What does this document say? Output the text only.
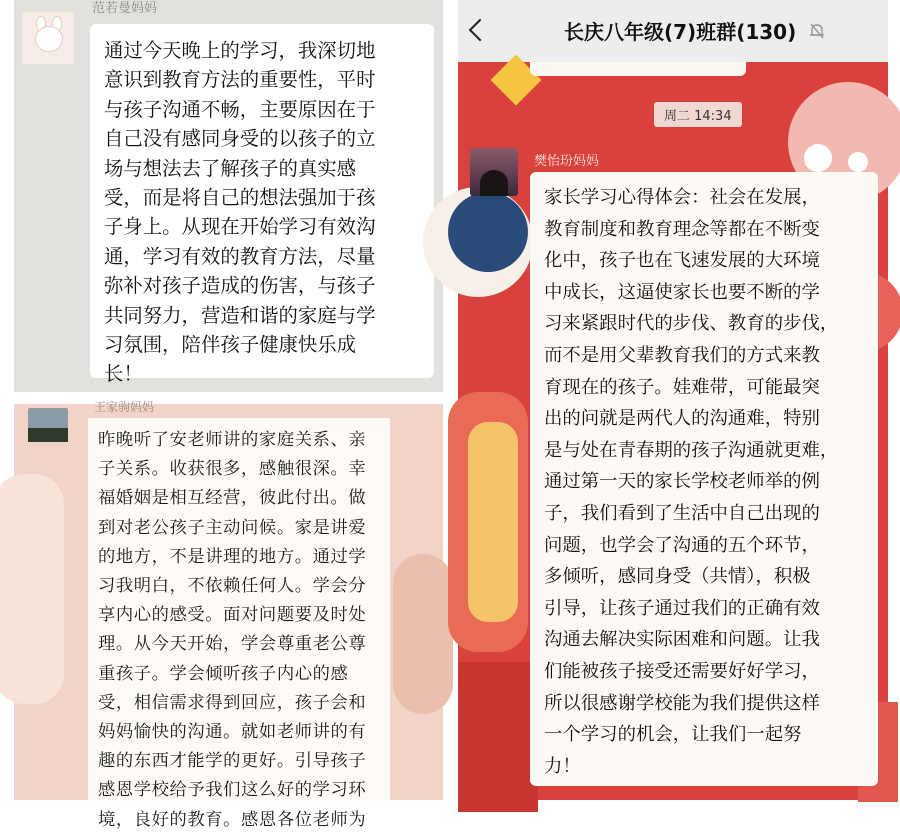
范若曼妈妈
通过今天晚上的学习，我深切地
意识到教育方法的重要性，平时
与孩子沟通不畅，主要原因在于
自己没有感同身受的以孩子的立
场与想法去了解孩子的真实感
受，而是将自己的想法强加于孩
子身上。从现在开始学习有效沟
通，学习有效的教育方法，尽量
弥补对孩子造成的伤害，与孩子
共同努力，营造和谐的家庭与学
习氛围，陪伴孩子健康快乐成
长！
王家驹妈妈
昨晚听了安老师讲的家庭关系、亲
子关系。收获很多，感触很深。幸
福婚姻是相互经营，彼此付出。做
到对老公孩子主动问候。家是讲爱
的地方，不是讲理的地方。通过学
习我明白，不依赖任何人。学会分
享内心的感受。面对问题要及时处
理。从今天开始，学会尊重老公尊
重孩子。学会倾听孩子内心的感
受，相信需求得到回应，孩子会和
妈妈愉快的沟通。就如老师讲的有
趣的东西才能学的更好。引导孩子
感恩学校给予我们这么好的学习环
境，良好的教育。感恩各位老师为
长庆八年级(7)班群(130)
周二 14:34
樊怡玢妈妈
家长学习心得体会：社会在发展，
教育制度和教育理念等都在不断变
化中，孩子也在飞速发展的大环境
中成长，这逼使家长也要不断的学
习来紧跟时代的步伐、教育的步伐，
而不是用父辈教育我们的方式来教
育现在的孩子。娃难带，可能最突
出的问就是两代人的沟通难，特别
是与处在青春期的孩子沟通就更难，
通过第一天的家长学校老师举的例
子，我们看到了生活中自己出现的
问题，也学会了沟通的五个环节，
多倾听，感同身受（共情），积极
引导，让孩子通过我们的正确有效
沟通去解决实际困难和问题。让我
们能被孩子接受还需要好好学习，
所以很感谢学校能为我们提供这样
一个学习的机会，让我们一起努
力！
